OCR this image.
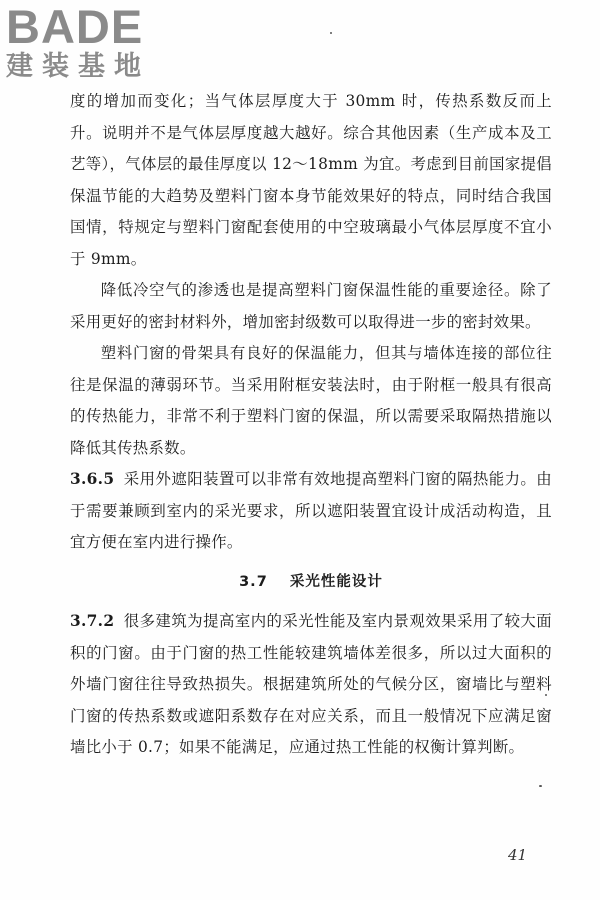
BADE
建装基地

度的增加而变化；当气体层厚度大于 30mm 时，传热系数反而上升。说明并不是气体层厚度越大越好。综合其他因素（生产成本及工艺等），气体层的最佳厚度以 12～18mm 为宜。考虑到目前国家提倡保温节能的大趋势及塑料门窗本身节能效果好的特点，同时结合我国国情，特规定与塑料门窗配套使用的中空玻璃最小气体层厚度不宜小于 9mm。

降低冷空气的渗透也是提高塑料门窗保温性能的重要途径。除了采用更好的密封材料外，增加密封级数可以取得进一步的密封效果。

塑料门窗的骨架具有良好的保温能力，但其与墙体连接的部位往往是保温的薄弱环节。当采用附框安装法时，由于附框一般具有很高的传热能力，非常不利于塑料门窗的保温，所以需要采取隔热措施以降低其传热系数。

3.6.5 采用外遮阳装置可以非常有效地提高塑料门窗的隔热能力。由于需要兼顾到室内的采光要求，所以遮阳装置宜设计成活动构造，且宜方便在室内进行操作。

3.7 采光性能设计

3.7.2 很多建筑为提高室内的采光性能及室内景观效果采用了较大面积的门窗。由于门窗的热工性能较建筑墙体差很多，所以过大面积的外墙门窗往往导致热损失。根据建筑所处的气候分区，窗墙比与塑料门窗的传热系数或遮阳系数存在对应关系，而且一般情况下应满足窗墙比小于 0.7；如果不能满足，应通过热工性能的权衡计算判断。

41
